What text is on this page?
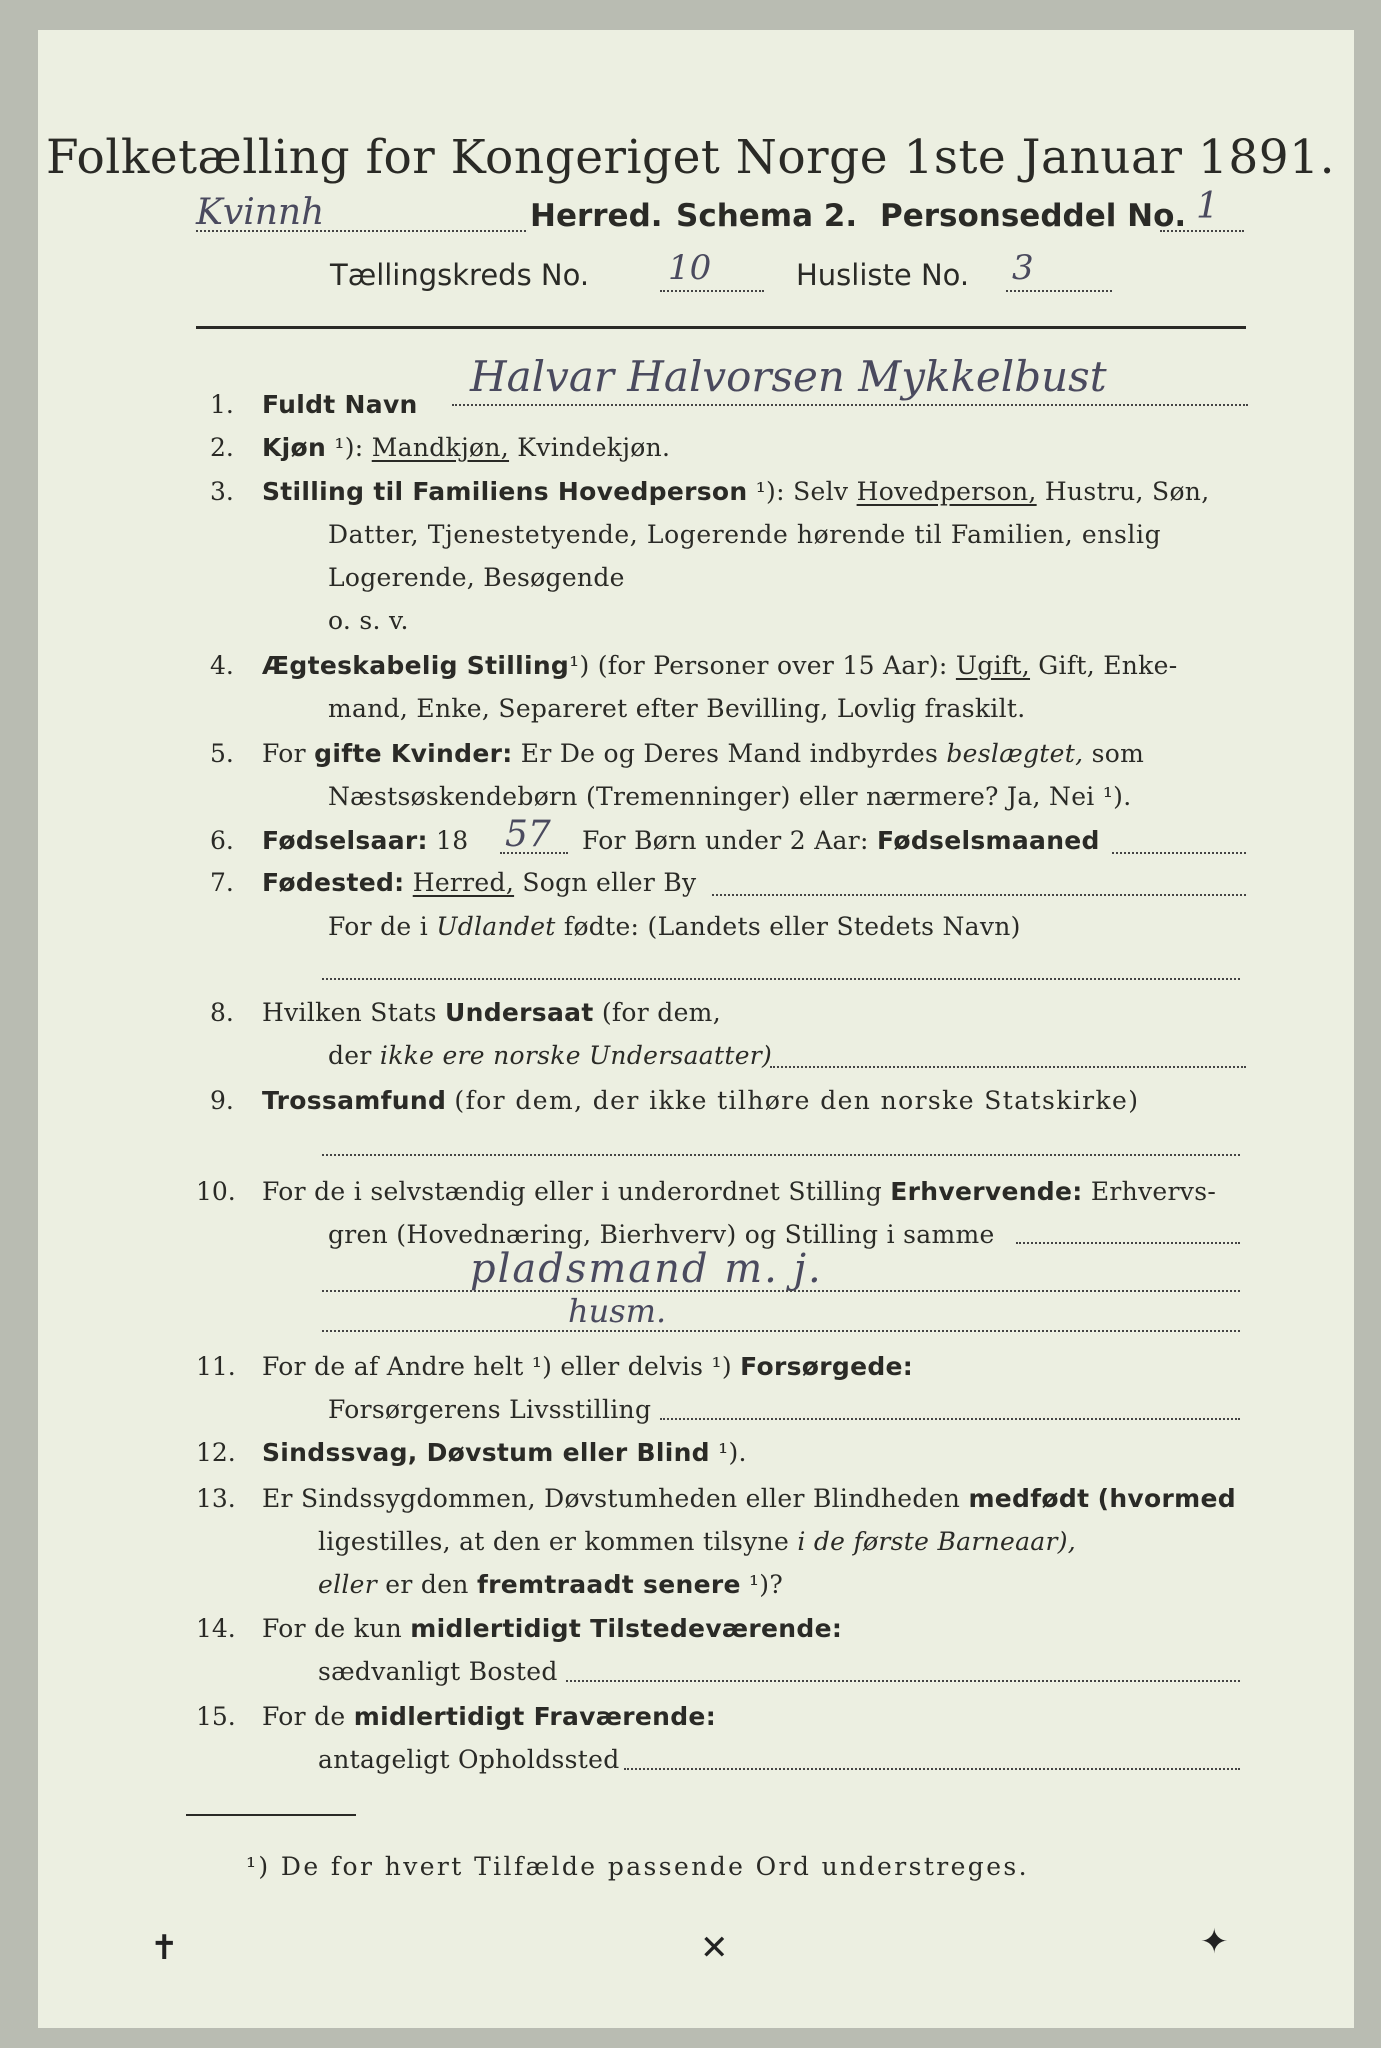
Folketælling for Kongeriget Norge 1ste Januar 1891.
Kvinnh	Herred. Schema 2. Personseddel No. 1
Tællingskreds No. 10	Husliste No. 3
1. Fuldt Navn
Halvar Halvorsen Mykkelbust
2. Kjøn ¹): Mandkjøn, Kvindekjøn.
3. Stilling til Familiens Hovedperson ¹): Selv Hovedperson, Hustru, Søn,
Datter, Tjenestetyende, Logerende hørende til Familien, enslig
Logerende, Besøgende
o. s. v.
4. Ægteskabelig Stilling¹) (for Personer over 15 Aar): Ugift, Gift, Enke-
mand, Enke, Separeret efter Bevilling, Lovlig fraskilt.
5. For gifte Kvinder: Er De og Deres Mand indbyrdes beslægtet, som
Næstsøskendebørn (Tremenninger) eller nærmere? Ja, Nei ¹).
6. Fødselsaar: 18 57 For Børn under 2 Aar: Fødselsmaaned
7. Fødested: Herred, Sogn eller By
For de i Udlandet fødte: (Landets eller Stedets Navn)
8. Hvilken Stats Undersaat (for dem,
der ikke ere norske Undersaatter)
9. Trossamfund (for dem, der ikke tilhøre den norske Statskirke)
10. For de i selvstændig eller i underordnet Stilling Erhvervende: Erhvervs-
gren (Hovednæring, Bierhverv) og Stilling i samme
pladsmand m. j.
husm.
11. For de af Andre helt ¹) eller delvis ¹) Forsørgede:
Forsørgerens Livsstilling
12. Sindssvag, Døvstum eller Blind ¹).
13. Er Sindssygdommen, Døvstumheden eller Blindheden medfødt (hvormed
ligestilles, at den er kommen tilsyne i de første Barneaar),
eller er den fremtraadt senere ¹)?
14. For de kun midlertidigt Tilstedeværende:
sædvanligt Bosted
15. For de midlertidigt Fraværende:
antageligt Opholdssted
¹) De for hvert Tilfælde passende Ord understreges.
✝	✕	✦
